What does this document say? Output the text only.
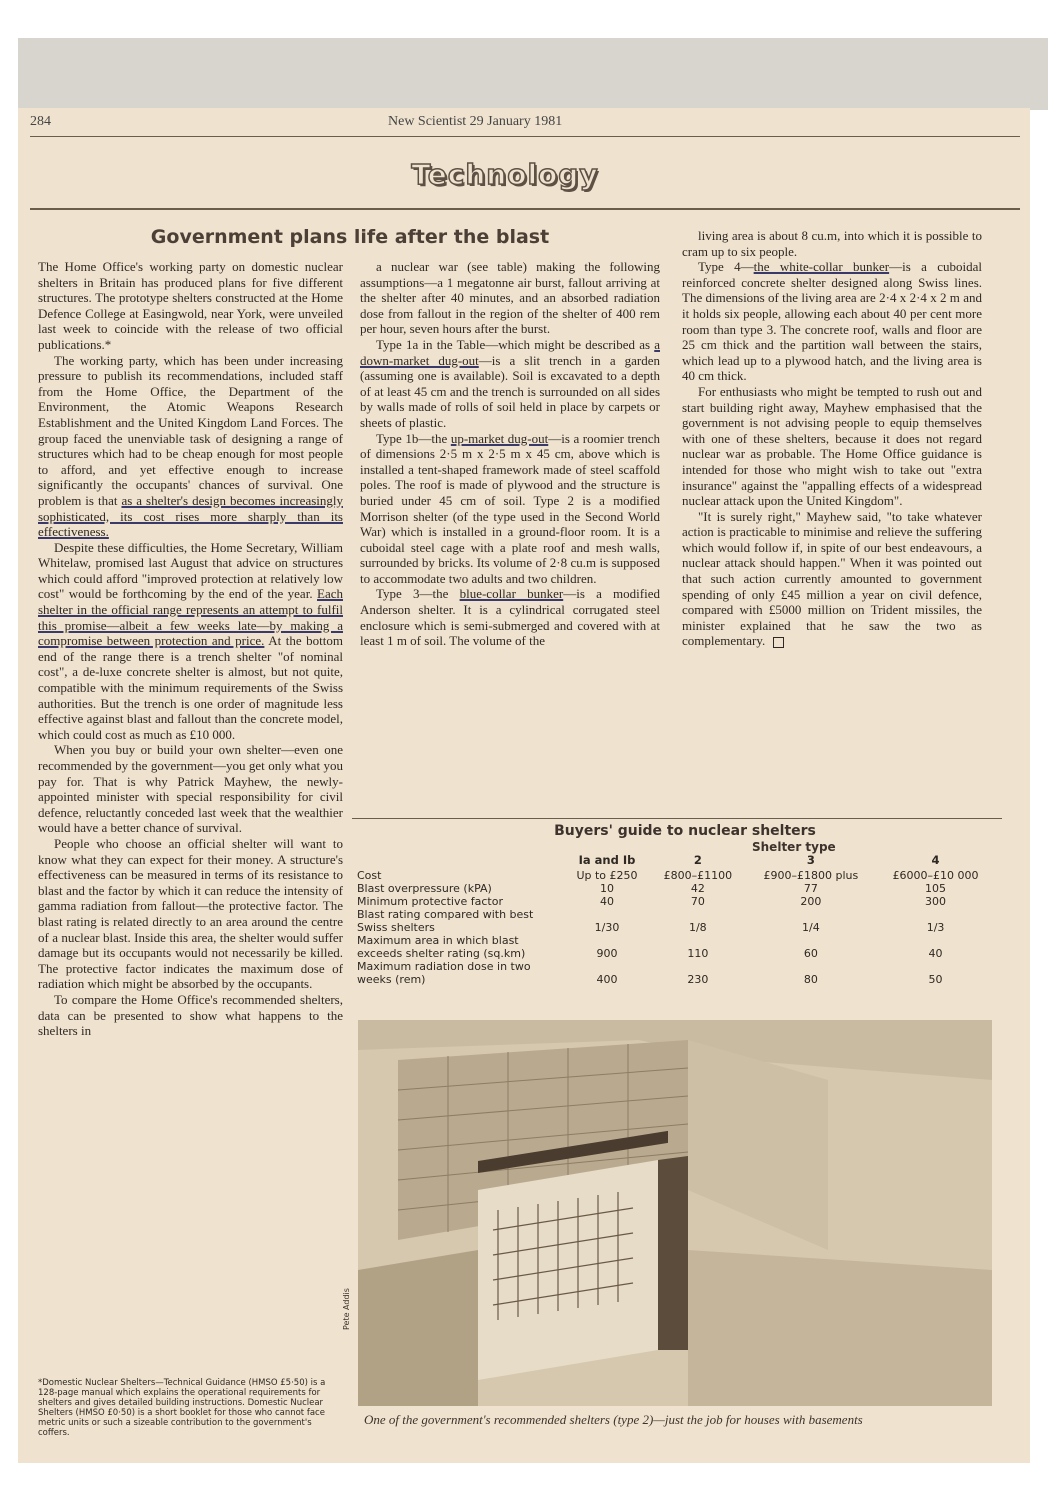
284	New Scientist 29 January 1981
Technology
Government plans life after the blast

The Home Office's working party on domestic nuclear shelters in Britain has produced plans for five different structures. The prototype shelters constructed at the Home Defence College at Easingwold, near York, were unveiled last week to coincide with the release of two official publications.*

The working party, which has been under increasing pressure to publish its recommendations, included staff from the Home Office, the Department of the Environment, the Atomic Weapons Research Establishment and the United Kingdom Land Forces. The group faced the unenviable task of designing a range of structures which had to be cheap enough for most people to afford, and yet effective enough to increase significantly the occupants' chances of survival. One problem is that as a shelter's design becomes increasingly sophisticated, its cost rises more sharply than its effectiveness.

Despite these difficulties, the Home Secretary, William Whitelaw, promised last August that advice on structures which could afford "improved protection at relatively low cost" would be forthcoming by the end of the year. Each shelter in the official range represents an attempt to fulfil this promise—albeit a few weeks late—by making a compromise between protection and price. At the bottom end of the range there is a trench shelter "of nominal cost", a de-luxe concrete shelter is almost, but not quite, compatible with the minimum requirements of the Swiss authorities. But the trench is one order of magnitude less effective against blast and fallout than the concrete model, which could cost as much as £10 000.

When you buy or build your own shelter—even one recommended by the government—you get only what you pay for. That is why Patrick Mayhew, the newly-appointed minister with special responsibility for civil defence, reluctantly conceded last week that the wealthier would have a better chance of survival.

People who choose an official shelter will want to know what they can expect for their money. A structure's effectiveness can be measured in terms of its resistance to blast and the factor by which it can reduce the intensity of gamma radiation from fallout—the protective factor. The blast rating is related directly to an area around the centre of a nuclear blast. Inside this area, the shelter would suffer damage but its occupants would not necessarily be killed. The protective factor indicates the maximum dose of radiation which might be absorbed by the occupants.

To compare the Home Office's recommended shelters, data can be presented to show what happens to the shelters in

a nuclear war (see table) making the following assumptions—a 1 megatonne air burst, fallout arriving at the shelter after 40 minutes, and an absorbed radiation dose from fallout in the region of the shelter of 400 rem per hour, seven hours after the burst.

Type 1a in the Table—which might be described as a down-market dug-out—is a slit trench in a garden (assuming one is available). Soil is excavated to a depth of at least 45 cm and the trench is surrounded on all sides by walls made of rolls of soil held in place by carpets or sheets of plastic.

Type 1b—the up-market dug-out—is a roomier trench of dimensions 2·5 m x 2·5 m x 45 cm, above which is installed a tent-shaped framework made of steel scaffold poles. The roof is made of plywood and the structure is buried under 45 cm of soil. Type 2 is a modified Morrison shelter (of the type used in the Second World War) which is installed in a ground-floor room. It is a cuboidal steel cage with a plate roof and mesh walls, surrounded by bricks. Its volume of 2·8 cu.m is supposed to accommodate two adults and two children.

Type 3—the blue-collar bunker—is a modified Anderson shelter. It is a cylindrical corrugated steel enclosure which is semi-submerged and covered with at least 1 m of soil. The volume of the

living area is about 8 cu.m, into which it is possible to cram up to six people.

Type 4—the white-collar bunker—is a cuboidal reinforced concrete shelter designed along Swiss lines. The dimensions of the living area are 2·4 x 2·4 x 2 m and it holds six people, allowing each about 40 per cent more room than type 3. The concrete roof, walls and floor are 25 cm thick and the partition wall between the stairs, which lead up to a plywood hatch, and the living area is 40 cm thick.

For enthusiasts who might be tempted to rush out and start building right away, Mayhew emphasised that the government is not advising people to equip themselves with one of these shelters, because it does not regard nuclear war as probable. The Home Office guidance is intended for those who might wish to take out "extra insurance" against the "appalling effects of a widespread nuclear attack upon the United Kingdom".

"It is surely right," Mayhew said, "to take whatever action is practicable to minimise and relieve the suffering which would follow if, in spite of our best endeavours, a nuclear attack should happen." When it was pointed out that such action currently amounted to government spending of only £45 million a year on civil defence, compared with £5000 million on Trident missiles, the minister explained that he saw the two as complementary.

*Domestic Nuclear Shelters—Technical Guidance (HMSO £5·50) is a 128-page manual which explains the operational requirements for shelters and gives detailed building instructions. Domestic Nuclear Shelters (HMSO £0·50) is a short booklet for those who cannot face metric units or such a sizeable contribution to the government's coffers.
Buyers' guide to nuclear shelters
Shelter type
	Ia and Ib	2	3	4
Cost	Up to £250	£800–£1100	£900–£1800 plus	£6000–£10 000
Blast overpressure (kPA)	10	42	77	105
Minimum protective factor	40	70	200	300
Blast rating compared with best Swiss shelters	1/30	1/8	1/4	1/3
Maximum area in which blast exceeds shelter rating (sq.km)	900	110	60	40
Maximum radiation dose in two weeks (rem)	400	230	80	50
Pete Addis
One of the government's recommended shelters (type 2)—just the job for houses with basements
